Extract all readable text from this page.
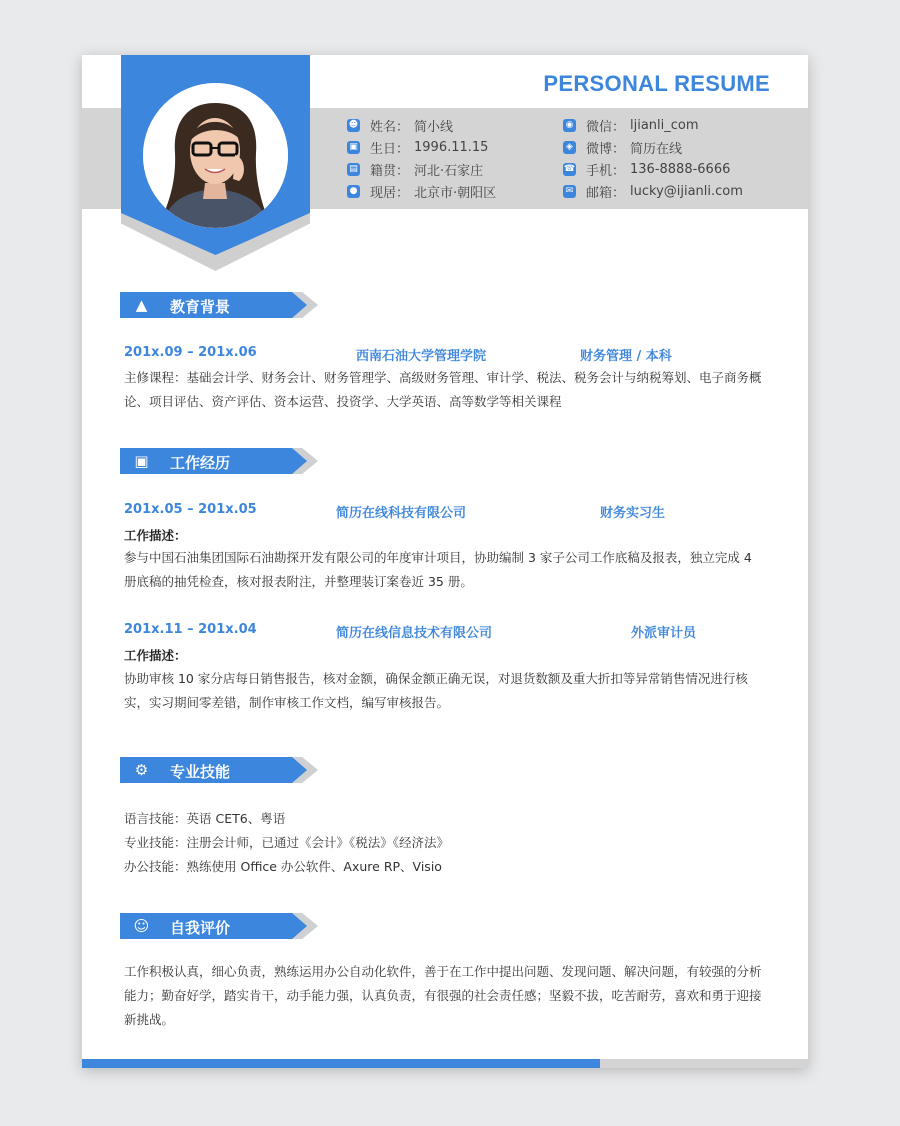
PERSONAL RESUME
☻ 姓名： 简小线
▣ 生日： 1996.11.15
▤ 籍贯： 河北·石家庄
● 现居： 北京市·朝阳区
◉ 微信： ljianli_com
◈ 微博： 简历在线
☎ 手机： 136-8888-6666
✉ 邮箱： lucky@ijianli.com
▲ 教育背景
201x.09 – 201x.06	西南石油大学管理学院	财务管理 / 本科
主修课程：基础会计学、财务会计、财务管理学、高级财务管理、审计学、税法、税务会计与纳税筹划、电子商务概论、项目评估、资产评估、资本运营、投资学、大学英语、高等数学等相关课程
▣ 工作经历
201x.05 – 201x.05	简历在线科技有限公司	财务实习生
工作描述：
参与中国石油集团国际石油勘探开发有限公司的年度审计项目，协助编制 3 家子公司工作底稿及报表，独立完成 4 册底稿的抽凭检查，核对报表附注，并整理装订案卷近 35 册。
201x.11 – 201x.04	简历在线信息技术有限公司	外派审计员
工作描述：
协助审核 10 家分店每日销售报告，核对金额，确保金额正确无误，对退货数额及重大折扣等异常销售情况进行核实，实习期间零差错，制作审核工作文档，编写审核报告。
⚙ 专业技能
语言技能：英语 CET6、粤语
专业技能：注册会计师，已通过《会计》《税法》《经济法》
办公技能：熟练使用 Office 办公软件、Axure RP、Visio
☺ 自我评价
工作积极认真，细心负责，熟练运用办公自动化软件，善于在工作中提出问题、发现问题、解决问题，有较强的分析能力；勤奋好学，踏实肯干，动手能力强，认真负责，有很强的社会责任感；坚毅不拔，吃苦耐劳，喜欢和勇于迎接新挑战。
